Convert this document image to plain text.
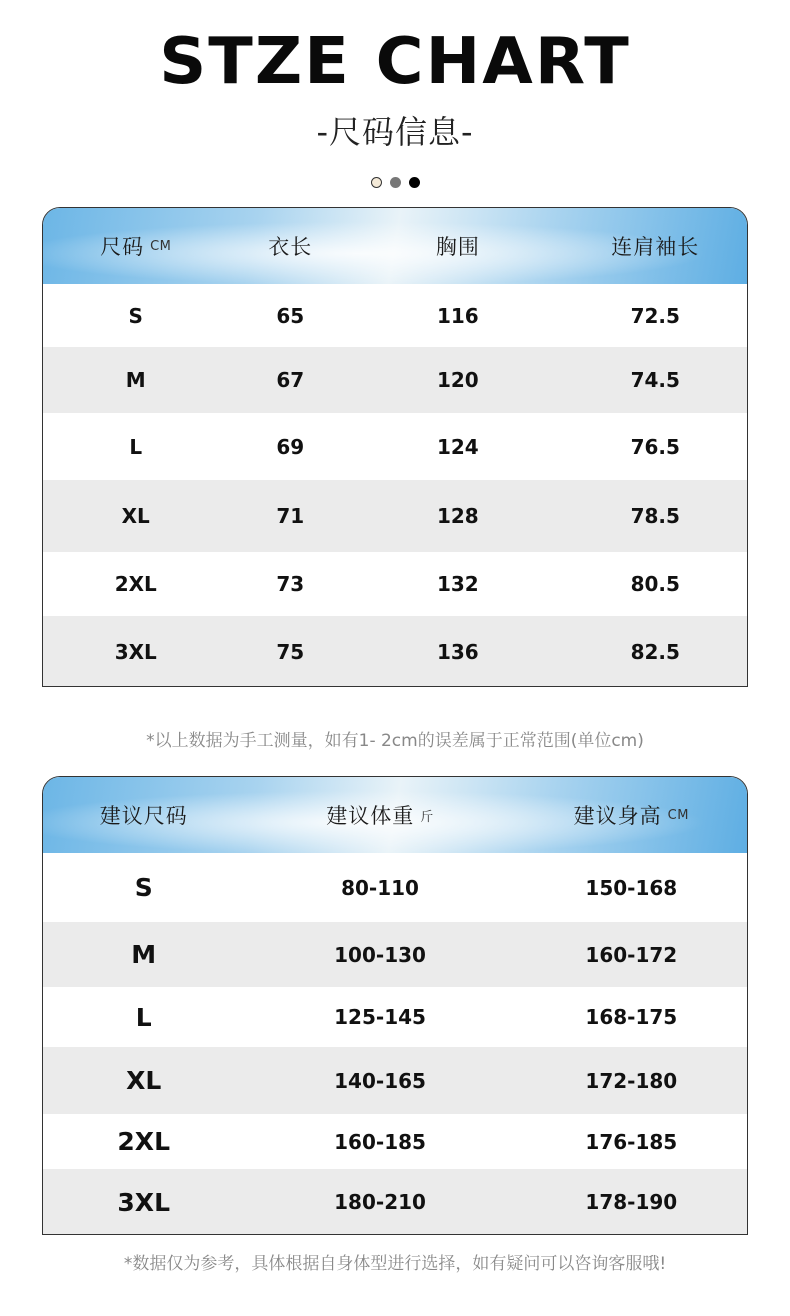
STZE CHART
-尺码信息-
尺码 CM	衣长	胸围	连肩袖长
S	65	116	72.5
M	67	120	74.5
L	69	124	76.5
XL	71	128	78.5
2XL	73	132	80.5
3XL	75	136	82.5
*以上数据为手工测量，如有1- 2cm的误差属于正常范围(单位cm)
建议尺码	建议体重 斤	建议身高 CM
S	80-110	150-168
M	100-130	160-172
L	125-145	168-175
XL	140-165	172-180
2XL	160-185	176-185
3XL	180-210	178-190
*数据仅为参考，具体根据自身体型进行选择，如有疑问可以咨询客服哦!
